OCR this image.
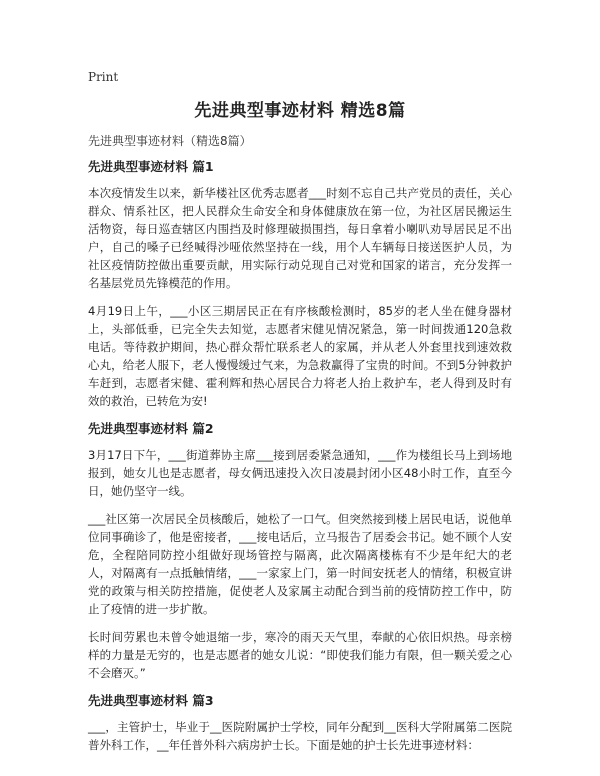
Print
先进典型事迹材料 精选8篇
先进典型事迹材料（精选8篇）
先进典型事迹材料 篇1

本次疫情发生以来，新华楼社区优秀志愿者___时刻不忘自己共产党员的责任，关心群众、情系社区，把人民群众生命安全和身体健康放在第一位，为社区居民搬运生活物资，每日巡查辖区内围挡及时修理破损围挡，每日拿着小喇叭劝导居民足不出户，自己的嗓子已经喊得沙哑依然坚持在一线，用个人车辆每日接送医护人员，为社区疫情防控做出重要贡献，用实际行动兑现自己对党和国家的诺言，充分发挥一名基层党员先锋模范的作用。

4月19日上午，___小区三期居民正在有序核酸检测时，85岁的老人坐在健身器材上，头部低垂，已完全失去知觉，志愿者宋健见情况紧急，第一时间拨通120急救电话。等待救护期间，热心群众帮忙联系老人的家属，并从老人外套里找到速效救心丸，给老人服下，老人慢慢缓过气来，为急救赢得了宝贵的时间。不到5分钟救护车赶到，志愿者宋健、霍利辉和热心居民合力将老人抬上救护车，老人得到及时有效的救治，已转危为安!

先进典型事迹材料 篇2

3月17日下午，___街道葬协主席___接到居委紧急通知，___作为楼组长马上到场地报到，她女儿也是志愿者，母女俩迅速投入次日凌晨封闭小区48小时工作，直至今日，她仍坚守一线。

___社区第一次居民全员核酸后，她松了一口气。但突然接到楼上居民电话，说他单位同事确诊了，他是密接者，___接电话后，立马报告了居委会书记。她不顾个人安危，全程陪同防控小组做好现场管控与隔离，此次隔离楼栋有不少是年纪大的老人，对隔离有一点抵触情绪，___一家家上门，第一时间安抚老人的情绪，积极宣讲党的政策与相关防控措施，促使老人及家属主动配合到当前的疫情防控工作中，防止了疫情的进一步扩散。

长时间劳累也未曾令她退缩一步，寒冷的雨天天气里，奉献的心依旧炽热。母亲榜样的力量是无穷的，也是志愿者的她女儿说：“即使我们能力有限，但一颗关爱之心不会磨灭。”

先进典型事迹材料 篇3

___，主管护士，毕业于__医院附属护士学校，同年分配到__医科大学附属第二医院普外科工作，__年任普外科六病房护士长。下面是她的护士长先进事迹材料：
